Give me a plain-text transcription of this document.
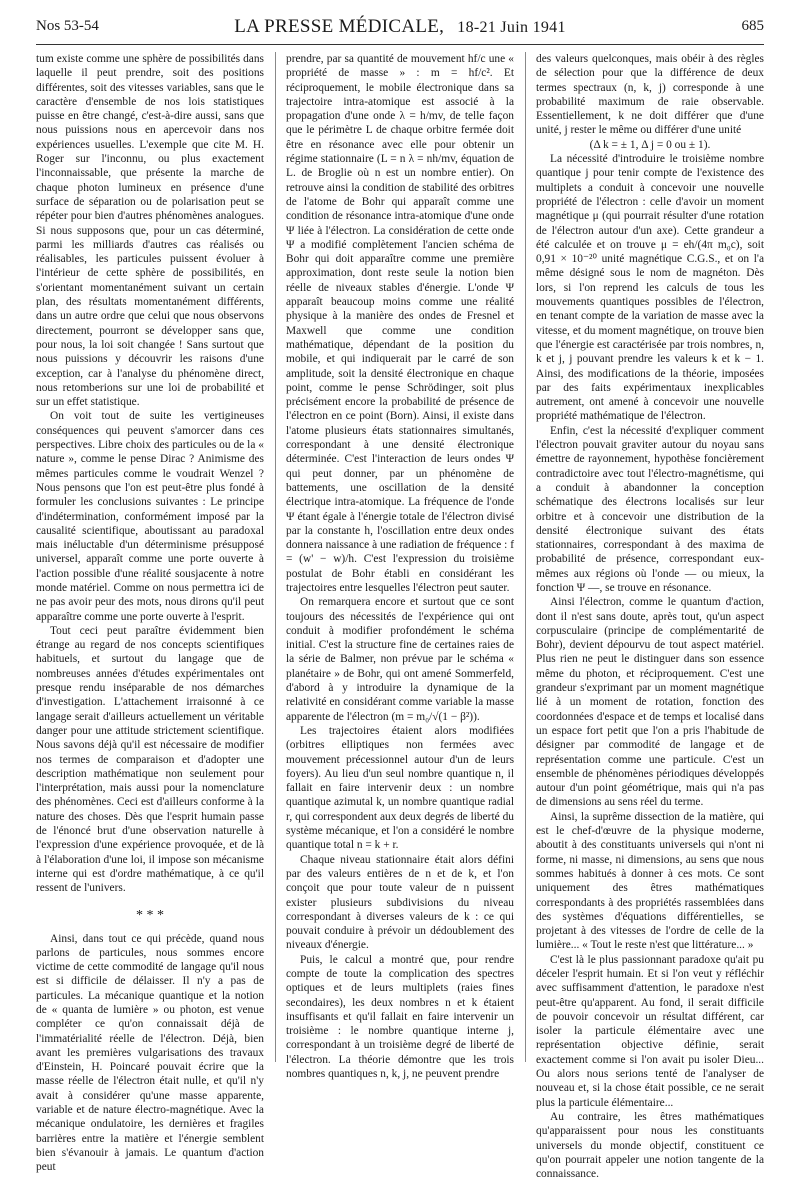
Nos 53-54	LA PRESSE MÉDICALE, 18-21 Juin 1941	685

tum existe comme une sphère de possibilités dans laquelle il peut prendre, soit des positions différentes, soit des vitesses variables, sans que le caractère d'ensemble de nos lois statistiques puisse en être changé, c'est-à-dire aussi, sans que nous puissions nous en apercevoir dans nos expériences usuelles. L'exemple que cite M. H. Roger sur l'inconnu, ou plus exactement l'inconnaissable, que présente la marche de chaque photon lumineux en présence d'une surface de séparation ou de polarisation peut se répéter pour bien d'autres phénomènes analogues. Si nous supposons que, pour un cas déterminé, parmi les milliards d'autres cas réalisés ou réalisables, les particules puissent évoluer à l'intérieur de cette sphère de possibilités, en s'orientant momentanément suivant un certain plan, des résultats momentanément différents, dans un autre ordre que celui que nous observons directement, pourront se développer sans que, pour nous, la loi soit changée ! Sans surtout que nous puissions y découvrir les raisons d'une exception, car à l'analyse du phénomène direct, nous retomberions sur une loi de probabilité et sur un effet statistique.

On voit tout de suite les vertigineuses conséquences qui peuvent s'amorcer dans ces perspectives. Libre choix des particules ou de la « nature », comme le pense Dirac ? Animisme des mêmes particules comme le voudrait Wenzel ? Nous pensons que l'on est peut-être plus fondé à formuler les conclusions suivantes : Le principe d'indétermination, conformément imposé par la causalité scientifique, aboutissant au paradoxal mais inéluctable d'un déterminisme présupposé universel, apparaît comme une porte ouverte à l'action possible d'une réalité sousjacente à notre monde matériel. Comme on nous permettra ici de ne pas avoir peur des mots, nous dirons qu'il peut apparaître comme une porte ouverte à l'esprit.

Tout ceci peut paraître évidemment bien étrange au regard de nos concepts scientifiques habituels, et surtout du langage que de nombreuses années d'études expérimentales ont presque rendu inséparable de nos démarches d'investigation. L'attachement irraisonné à ce langage serait d'ailleurs actuellement un véritable danger pour une attitude strictement scientifique. Nous savons déjà qu'il est nécessaire de modifier nos termes de comparaison et d'adopter une description mathématique non seulement pour l'interprétation, mais aussi pour la nomenclature des phénomènes. Ceci est d'ailleurs conforme à la nature des choses. Dès que l'esprit humain passe de l'énoncé brut d'une observation naturelle à l'expression d'une expérience provoquée, et de là à l'élaboration d'une loi, il impose son mécanisme interne qui est d'ordre mathématique, à ce qu'il ressent de l'univers.

* * *

Ainsi, dans tout ce qui précède, quand nous parlons de particules, nous sommes encore victime de cette commodité de langage qu'il nous est si difficile de délaisser. Il n'y a pas de particules. La mécanique quantique et la notion de « quanta de lumière » ou photon, est venue compléter ce qu'on connaissait déjà de l'immatérialité réelle de l'électron. Déjà, bien avant les premières vulgarisations des travaux d'Einstein, H. Poincaré pouvait écrire que la masse réelle de l'électron était nulle, et qu'il n'y avait à considérer qu'une masse apparente, variable et de nature électro-magnétique. Avec la mécanique ondulatoire, les dernières et fragiles barrières entre la matière et l'énergie semblent bien s'évanouir à jamais. Le quantum d'action peut

prendre, par sa quantité de mouvement hf/c une « propriété de masse » : m = hf/c². Et réciproquement, le mobile électronique dans sa trajectoire intra-atomique est associé à la propagation d'une onde λ = h/mv, de telle façon que le périmètre L de chaque orbitre fermée doit être en résonance avec elle pour obtenir un régime stationnaire (L = n λ = nh/mv, équation de L. de Broglie où n est un nombre entier). On retrouve ainsi la condition de stabilité des orbitres de l'atome de Bohr qui apparaît comme une condition de résonance intra-atomique d'une onde Ψ liée à l'électron. La considération de cette onde Ψ a modifié complètement l'ancien schéma de Bohr qui doit apparaître comme une première approximation, dont reste seule la notion bien réelle de niveaux stables d'énergie. L'onde Ψ apparaît beaucoup moins comme une réalité physique à la manière des ondes de Fresnel et Maxwell que comme une condition mathématique, dépendant de la position du mobile, et qui indiquerait par le carré de son amplitude, soit la densité électronique en chaque point, comme le pense Schrödinger, soit plus précisément encore la probabilité de présence de l'électron en ce point (Born). Ainsi, il existe dans l'atome plusieurs états stationnaires simultanés, correspondant à une densité électronique déterminée. C'est l'interaction de leurs ondes Ψ qui peut donner, par un phénomène de battements, une oscillation de la densité électrique intra-atomique. La fréquence de l'onde Ψ étant égale à l'énergie totale de l'électron divisé par la constante h, l'oscillation entre deux ondes donnera naissance à une radiation de fréquence : f = (w' − w)/h. C'est l'expression du troisième postulat de Bohr établi en considérant les trajectoires entre lesquelles l'électron peut sauter.

On remarquera encore et surtout que ce sont toujours des nécessités de l'expérience qui ont conduit à modifier profondément le schéma initial. C'est la structure fine de certaines raies de la série de Balmer, non prévue par le schéma « planétaire » de Bohr, qui ont amené Sommerfeld, d'abord à y introduire la dynamique de la relativité en considérant comme variable la masse apparente de l'électron (m = m₀/√(1 − β²)).

Les trajectoires étaient alors modifiées (orbitres elliptiques non fermées avec mouvement précessionnel autour d'un de leurs foyers). Au lieu d'un seul nombre quantique n, il fallait en faire intervenir deux : un nombre quantique azimutal k, un nombre quantique radial r, qui correspondent aux deux degrés de liberté du système mécanique, et l'on a considéré le nombre quantique total n = k + r.

Chaque niveau stationnaire était alors défini par des valeurs entières de n et de k, et l'on conçoit que pour toute valeur de n puissent exister plusieurs subdivisions du niveau correspondant à diverses valeurs de k : ce qui pouvait conduire à prévoir un dédoublement des niveaux d'énergie.

Puis, le calcul a montré que, pour rendre compte de toute la complication des spectres optiques et de leurs multiplets (raies fines secondaires), les deux nombres n et k étaient insuffisants et qu'il fallait en faire intervenir un troisième : le nombre quantique interne j, correspondant à un troisième degré de liberté de l'électron. La théorie démontre que les trois nombres quantiques n, k, j, ne peuvent prendre

des valeurs quelconques, mais obéir à des règles de sélection pour que la différence de deux termes spectraux (n, k, j) corresponde à une probabilité maximum de raie observable. Essentiellement, k ne doit différer que d'une unité, j rester le même ou différer d'une unité

(Δ k = ± 1, Δ j = 0 ou ± 1).

La nécessité d'introduire le troisième nombre quantique j pour tenir compte de l'existence des multiplets a conduit à concevoir une nouvelle propriété de l'électron : celle d'avoir un moment magnétique μ (qui pourrait résulter d'une rotation de l'électron autour d'un axe). Cette grandeur a été calculée et on trouve μ = eh/(4π m₀c), soit 0,91 × 10⁻²⁰ unité magnétique C.G.S., et on l'a même désigné sous le nom de magnéton. Dès lors, si l'on reprend les calculs de tous les mouvements quantiques possibles de l'électron, en tenant compte de la variation de masse avec la vitesse, et du moment magnétique, on trouve bien que l'énergie est caractérisée par trois nombres, n, k et j, j pouvant prendre les valeurs k et k − 1. Ainsi, des modifications de la théorie, imposées par des faits expérimentaux inexplicables autrement, ont amené à concevoir une nouvelle propriété mathématique de l'électron.

Enfin, c'est la nécessité d'expliquer comment l'électron pouvait graviter autour du noyau sans émettre de rayonnement, hypothèse foncièrement contradictoire avec tout l'électro-magnétisme, qui a conduit à abandonner la conception schématique des électrons localisés sur leur orbitre et à concevoir une distribution de la densité électronique suivant des états stationnaires, correspondant à des maxima de probabilité de présence, correspondant eux-mêmes aux régions où l'onde — ou mieux, la fonction Ψ —, se trouve en résonance.

Ainsi l'électron, comme le quantum d'action, dont il n'est sans doute, après tout, qu'un aspect corpusculaire (principe de complémentarité de Bohr), devient dépourvu de tout aspect matériel. Plus rien ne peut le distinguer dans son essence même du photon, et réciproquement. C'est une grandeur s'exprimant par un moment magnétique lié à un moment de rotation, fonction des coordonnées d'espace et de temps et localisé dans un espace fort petit que l'on a pris l'habitude de désigner par commodité de langage et de représentation comme une particule. C'est un ensemble de phénomènes périodiques développés autour d'un point géométrique, mais qui n'a pas de dimensions au sens réel du terme.

Ainsi, la suprême dissection de la matière, qui est le chef-d'œuvre de la physique moderne, aboutit à des constituants universels qui n'ont ni forme, ni masse, ni dimensions, au sens que nous sommes habitués à donner à ces mots. Ce sont uniquement des êtres mathématiques correspondants à des propriétés rassemblées dans des systèmes d'équations différentielles, se projetant à des vitesses de l'ordre de celle de la lumière... « Tout le reste n'est que littérature... »

C'est là le plus passionnant paradoxe qu'ait pu déceler l'esprit humain. Et si l'on veut y réfléchir avec suffisamment d'attention, le paradoxe n'est peut-être qu'apparent. Au fond, il serait difficile de pouvoir concevoir un résultat différent, car isoler la particule élémentaire avec une représentation objective définie, serait exactement comme si l'on avait pu isoler Dieu... Ou alors nous serions tenté de l'analyser de nouveau et, si la chose était possible, ce ne serait plus la particule élémentaire...

Au contraire, les êtres mathématiques qu'apparaissent pour nous les constituants universels du monde objectif, constituent ce qu'on pourrait appeler une notion tangente de la connaissance.
